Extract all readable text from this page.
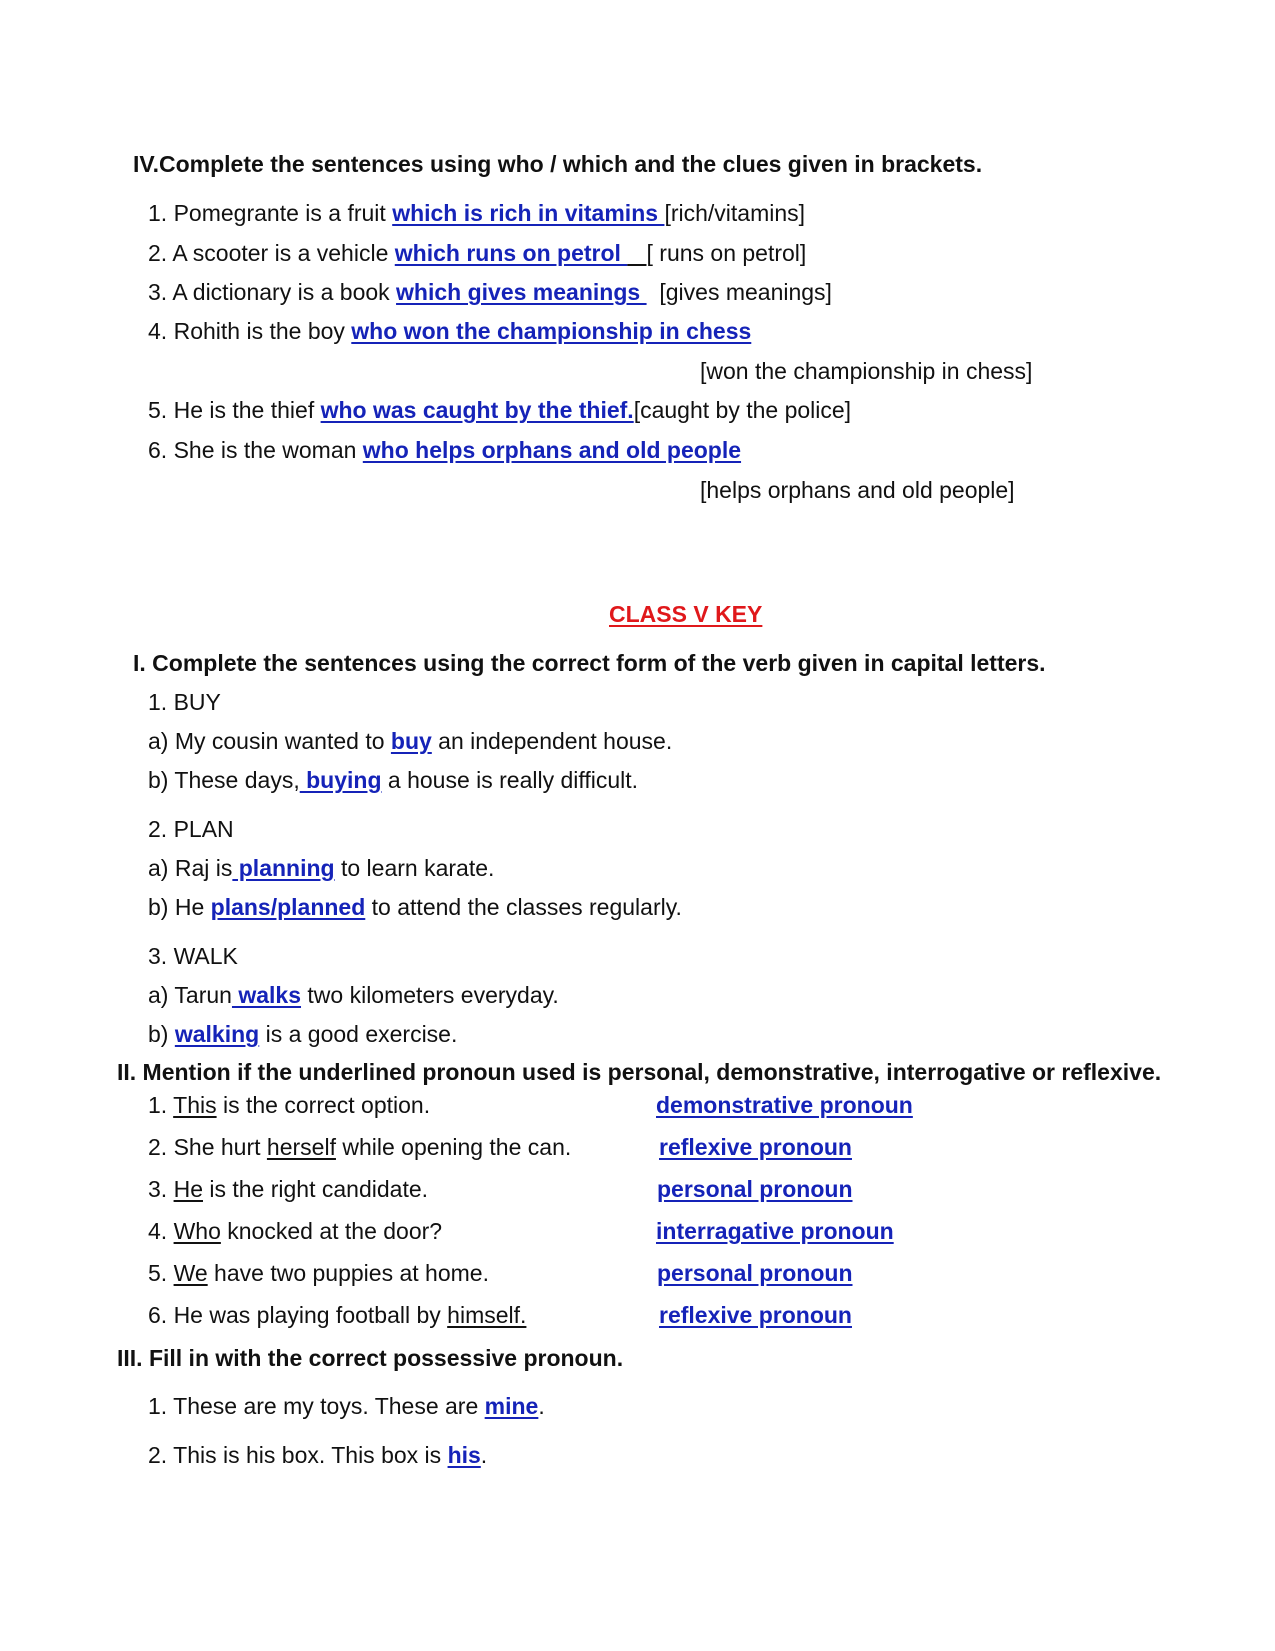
IV.Complete the sentences using who / which and the clues given in brackets.
1. Pomegrante is a fruit which is rich in vitamins [rich/vitamins]
2. A scooter is a vehicle which runs on petrol    [ runs on petrol]
3. A dictionary is a book which gives meanings   [gives meanings]
4. Rohith is the boy who won the championship in chess
[won the championship in chess]
5. He is the thief who was caught by the thief.[caught by the police]
6. She is the woman who helps orphans and old people
[helps orphans and old people]
CLASS V KEY
I. Complete the sentences using the correct form of the verb given in capital letters.
1. BUY
a) My cousin wanted to buy an independent house.
b) These days, buying a house is really difficult.
2. PLAN
a) Raj is planning to learn karate.
b) He plans/planned to attend the classes regularly.
3. WALK
a) Tarun walks two kilometers everyday.
b) walking is a good exercise.
II. Mention if the underlined pronoun used is personal, demonstrative, interrogative or reflexive.
1. This is the correct option.	demonstrative pronoun
2. She hurt herself while opening the can.	reflexive pronoun
3. He is the right candidate.	personal pronoun
4. Who knocked at the door?	interragative pronoun
5. We have two puppies at home.	personal pronoun
6. He was playing football by himself.	reflexive pronoun
III. Fill in with the correct possessive pronoun.
1. These are my toys. These are mine.
2. This is his box. This box is his.
